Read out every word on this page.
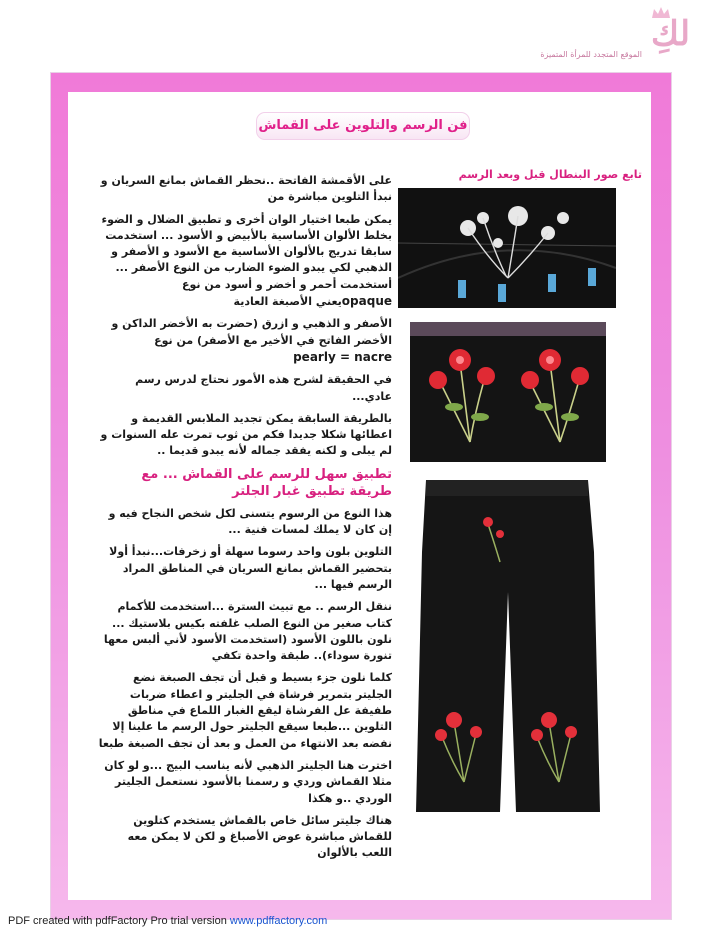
لكِ
الموقع المتجدد للمرأة المتميزة
فن الرسم والتلوين على القماش
تابع صور البنطال قبل وبعد الرسم

على الأقمشة الفاتحة ..نحظر القماش بمانع السريان و نبدأ التلوين مباشرة من

يمكن طبعا اختيار الوان أخرى و تطبيق الضلال و الضوء بخلط الألوان الأساسية بالأبيض و الأسود ... استخدمت سابقا تدريج بالألوان الأساسية مع الأسود و الأصفر و الذهبي لكي يبدو الضوء الضارب من النوع الأصفر ... أستخدمت أحمر و أخضر و أسود من نوع
opaqueيعني الأصبغة العادية

الأصفر و الذهبي و ازرق (حضرت به الأخضر الداكن و الأخضر الفاتح في الأخير مع الأصفر) من نوع
pearly = nacre

في الحقيقة لشرح هذه الأمور نحتاج لدرس رسم عادي...

بالطريقة السابقة يمكن تجديد الملابس القديمة و اعطائها شكلا جديدا فكم من ثوب تمرت عله السنوات و لم يبلى و لكنه يفقد جماله لأنه يبدو قديما ..

تطبيق سهل للرسم على القماش ... مع طريقة تطبيق غبار الجلتر

هذا النوع من الرسوم يتسنى لكل شخص النجاح فيه و إن كان لا يملك لمسات فنية ...

التلوين بلون واحد رسوما سهلة أو زخرفات...نبدأ أولا بتحضير القماش بمانع السريان في المناطق المراد الرسم فيها ...

ننقل الرسم .. مع تبيث السترة ...استخدمت للأكمام كتاب صغير من النوع الصلب غلفته بكيس بلاستيك ... نلون باللون الأسود (استخدمت الأسود لأني ألبس معها تنورة سوداء).. طبقة واحدة تكفي

كلما نلون جزء بسيط و قبل أن تجف الصبغة نضع الجليتر بتمرير فرشاة في الجليتر و اعطاء ضربات طفيفة عل الفرشاة ليقع الغبار اللماع في مناطق التلوين ...طبعا سيقع الجليتر حول الرسم ما علينا إلا نفضه بعد الانتهاء من العمل و بعد أن تجف الصبغة طبعا

اخترت هنا الجليتر الذهبي لأنه يناسب البيج ...و لو كان مثلا القماش وردي و رسمنا بالأسود نستعمل الجليتر الوردي ..و هكذا

هناك جليتر سائل خاص بالقماش يستخدم كتلوين للقماش مباشرة عوض الأصباغ و لكن لا يمكن معه اللعب بالألوان

PDF created with pdfFactory Pro trial version www.pdffactory.com
